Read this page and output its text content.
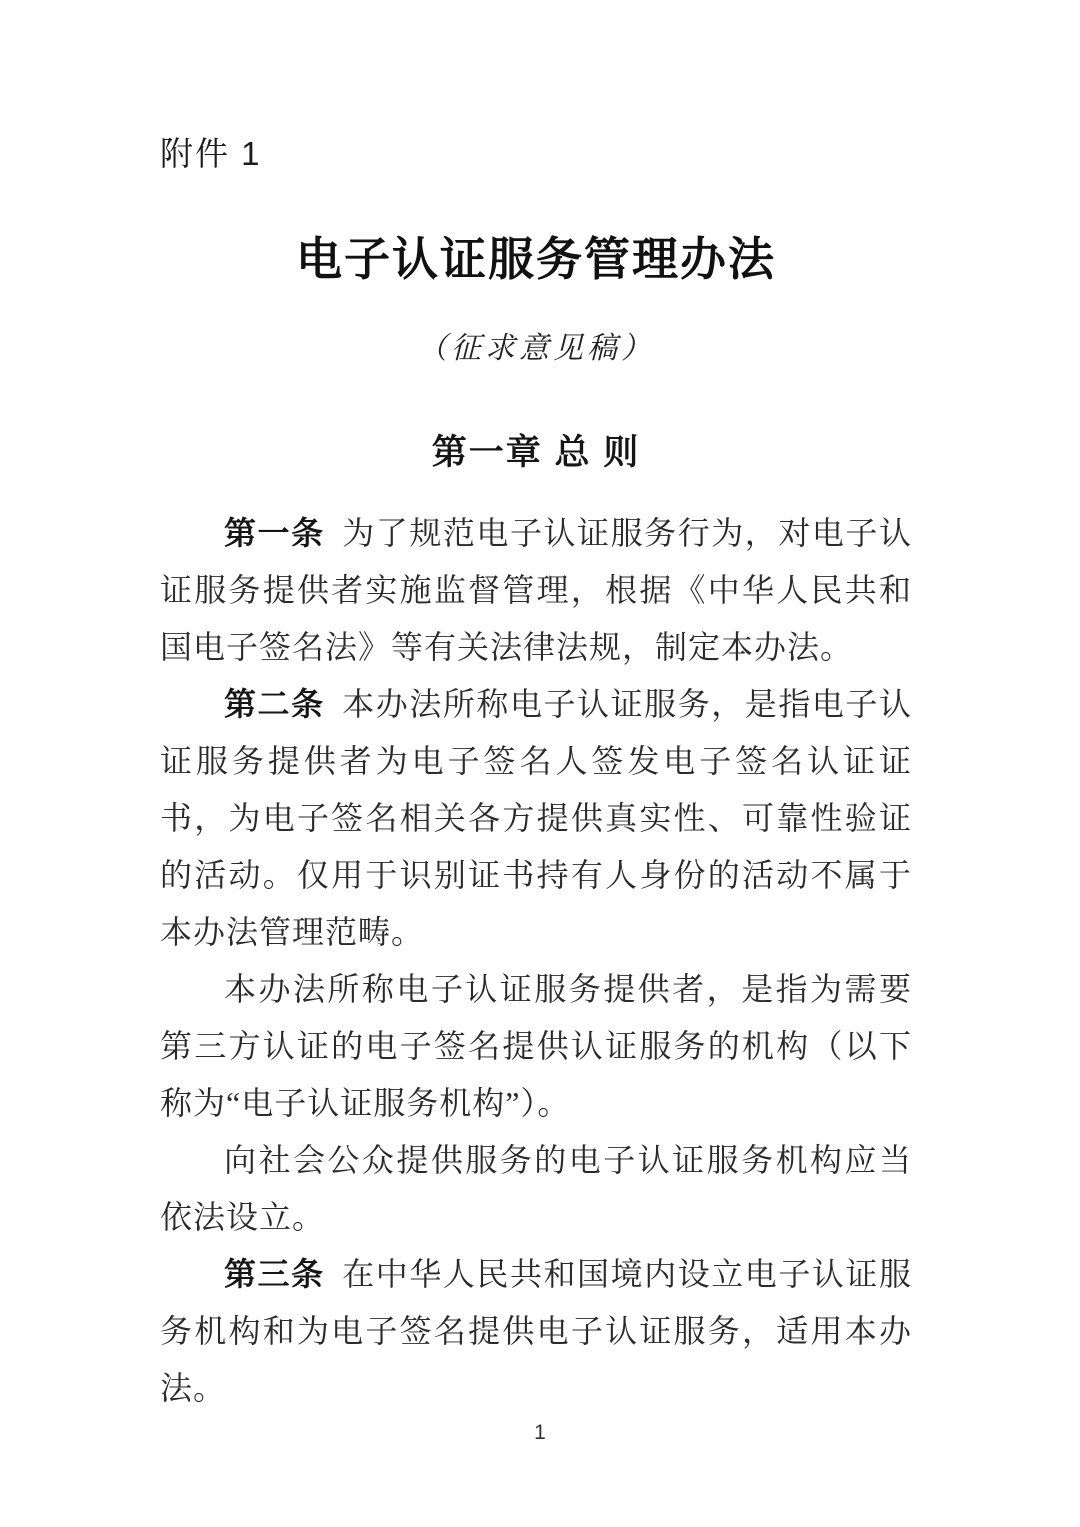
附件 1
电子认证服务管理办法
（征求意见稿）
第一章 总 则

第一条 为了规范电子认证服务行为，对电子认证服务提供者实施监督管理，根据《中华人民共和国电子签名法》等有关法律法规，制定本办法。

第二条 本办法所称电子认证服务，是指电子认证服务提供者为电子签名人签发电子签名认证证书，为电子签名相关各方提供真实性、可靠性验证的活动。仅用于识别证书持有人身份的活动不属于本办法管理范畴。

本办法所称电子认证服务提供者，是指为需要第三方认证的电子签名提供认证服务的机构（以下称为“电子认证服务机构”）。

向社会公众提供服务的电子认证服务机构应当依法设立。

第三条 在中华人民共和国境内设立电子认证服务机构和为电子签名提供电子认证服务，适用本办法。

1
